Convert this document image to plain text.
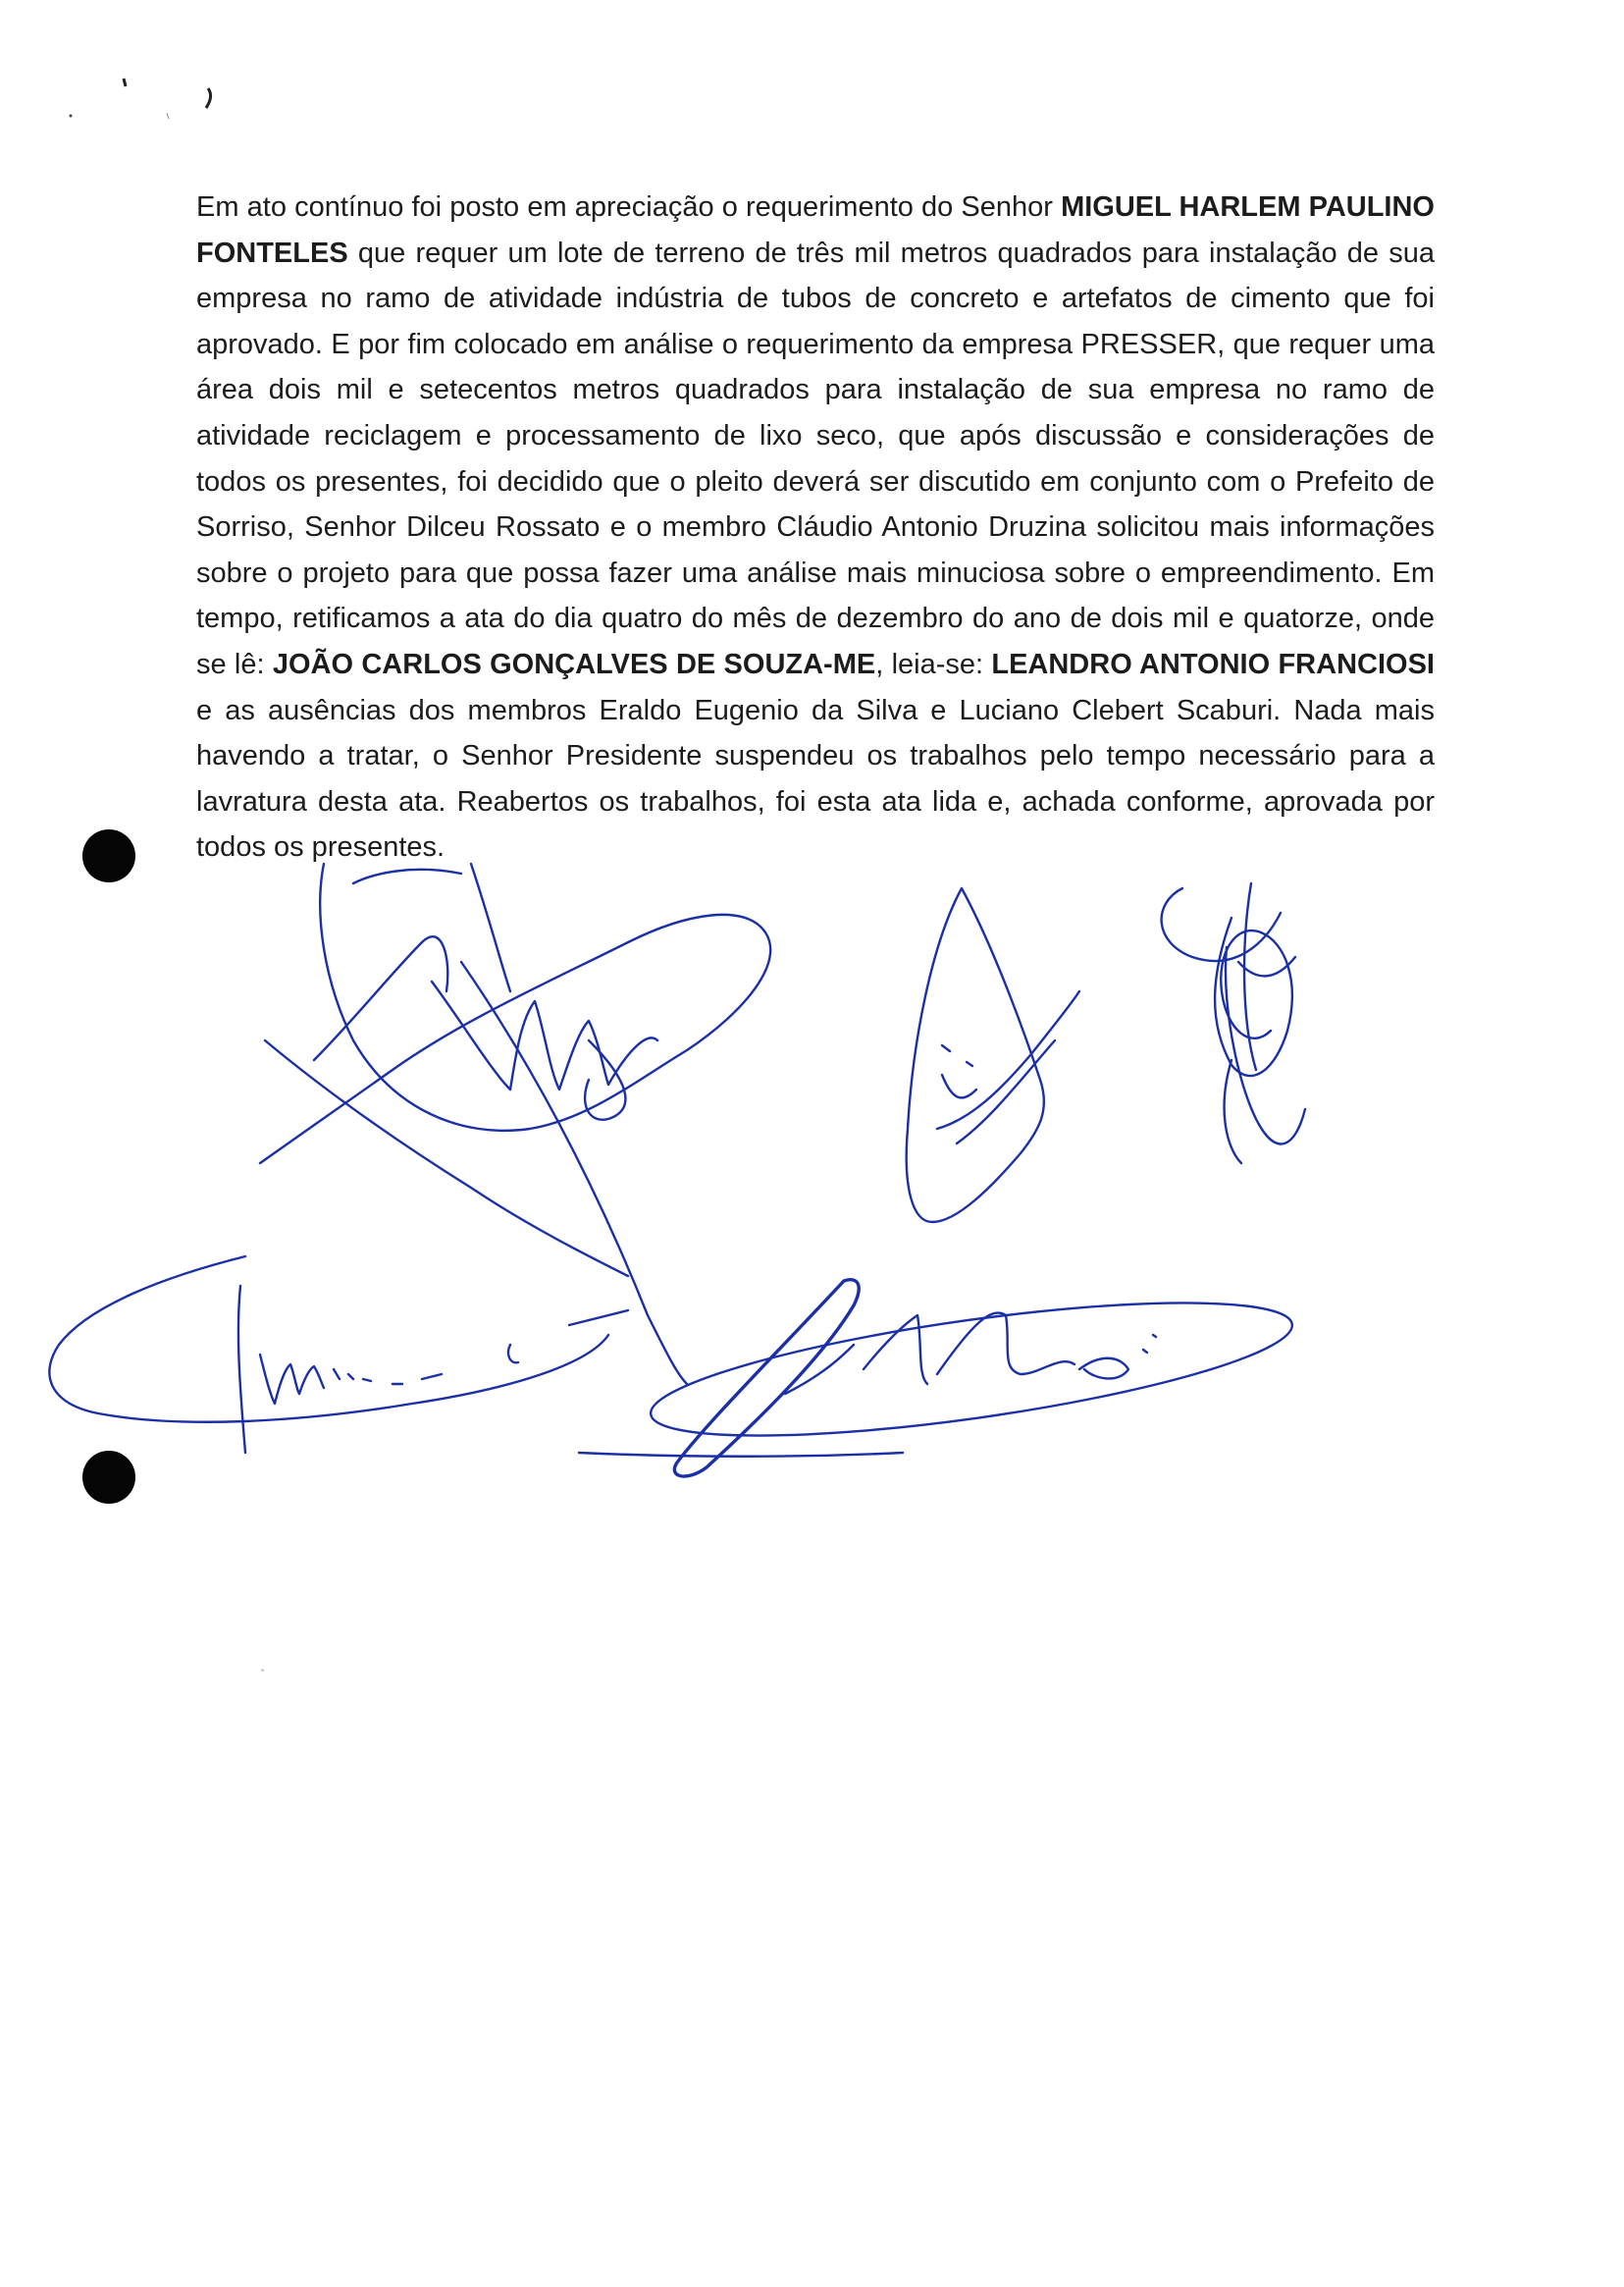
Em ato contínuo foi posto em apreciação o requerimento do Senhor MIGUEL HARLEM PAULINO FONTELES que requer um lote de terreno de três mil metros quadrados para instalação de sua empresa no ramo de atividade indústria de tubos de concreto e artefatos de cimento que foi aprovado. E por fim colocado em análise o requerimento da empresa PRESSER, que requer uma área dois mil e setecentos metros quadrados para instalação de sua empresa no ramo de atividade reciclagem e processamento de lixo seco, que após discussão e considerações de todos os presentes, foi decidido que o pleito deverá ser discutido em conjunto com o Prefeito de Sorriso, Senhor Dilceu Rossato e o membro Cláudio Antonio Druzina solicitou mais informações sobre o projeto para que possa fazer uma análise mais minuciosa sobre o empreendimento. Em tempo, retificamos a ata do dia quatro do mês de dezembro do ano de dois mil e quatorze, onde se lê: JOÃO CARLOS GONÇALVES DE SOUZA-ME, leia-se: LEANDRO ANTONIO FRANCIOSI e as ausências dos membros Eraldo Eugenio da Silva e Luciano Clebert Scaburi. Nada mais havendo a tratar, o Senhor Presidente suspendeu os trabalhos pelo tempo necessário para a lavratura desta ata. Reabertos os trabalhos, foi esta ata lida e, achada conforme, aprovada por todos os presentes.
